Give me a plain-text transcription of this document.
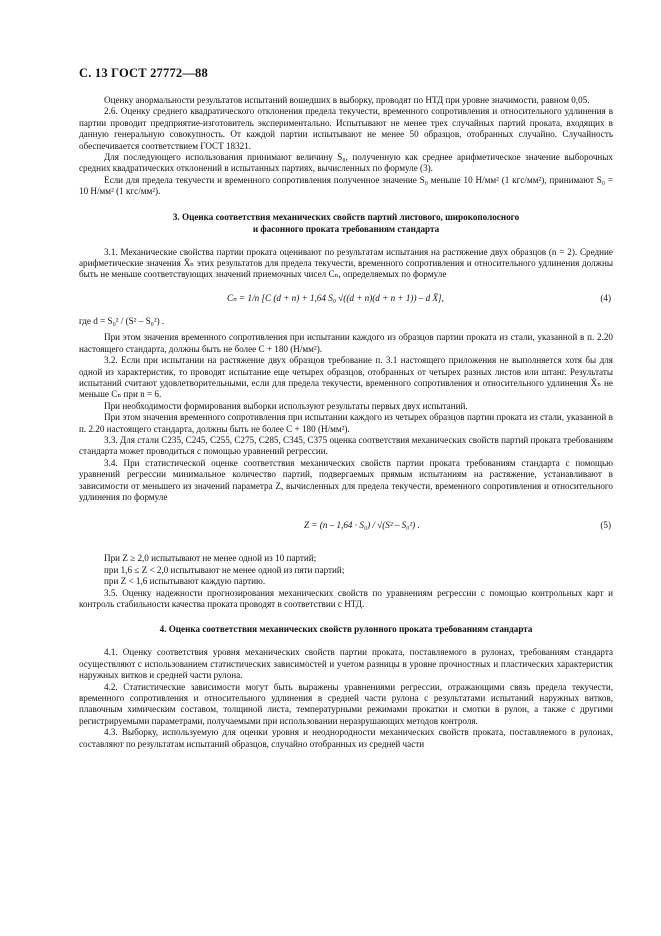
С. 13 ГОСТ 27772—88

Оценку анормальности результатов испытаний вошедших в выборку, проводят по НТД при уровне значимости, равном 0,05.

2.6. Оценку среднего квадратического отклонения предела текучести, временного сопротивления и относительного удлинения в партии проводит предприятие-изготовитель экспериментально. Испытывают не менее трех случайных партий проката, входящих в данную генеральную совокупность. От каждой партии испытывают не менее 50 образцов, отобранных случайно. Случайность обеспечивается соответствием ГОСТ 18321.

Для последующего использования принимают величину S₀, полученную как среднее арифметическое значение выборочных средних квадратических отклонений в испытанных партиях, вычисленных по формуле (3).

Если для предела текучести и временного сопротивления полученное значение S₀ меньше 10 Н/мм² (1 кгс/мм²), принимают S₀ = 10 Н/мм² (1 кгс/мм²).

3. Оценка соответствия механических свойств партий листового, широкополосного
и фасонного проката требованиям стандарта

3.1. Механические свойства партии проката оценивают по результатам испытания на растяжение двух образцов (n = 2). Средние арифметические значения X̄ₙ этих результатов для предела текучести, временного сопротивления и относительного удлинения должны быть не меньше соответствующих значений приемочных чисел Cₙ, определяемых по формуле

Cₙ = 1/n [C (d + n) + 1,64 S₀ √((d + n)(d + n + 1)) – d X̄],	(4)

где d = S₀² / (S² – S₀²) .

При этом значения временного сопротивления при испытании каждого из образцов партии проката из стали, указанной в п. 2.20 настоящего стандарта, должны быть не более C + 180 (Н/мм²).

3.2. Если при испытании на растяжение двух образцов требование п. 3.1 настоящего приложения не выполняется хотя бы для одной из характеристик, то проводят испытание еще четырех образцов, отобранных от четырех разных листов или штанг. Результаты испытаний считают удовлетворительными, если для предела текучести, временного сопротивления и относительного удлинения X̄ₙ не меньше Cₙ при n = 6.

При необходимости формирования выборки используют результаты первых двух испытаний.

При этом значения временного сопротивления при испытании каждого из четырех образцов партии проката из стали, указанной в п. 2.20 настоящего стандарта, должны быть не более C + 180 (Н/мм²).

3.3. Для стали С235, С245, С255, С275, С285, С345, С375 оценка соответствия механических свойств партий проката требованиям стандарта может проводиться с помощью уравнений регрессии.

3.4. При статистической оценке соответствия механических свойств партии проката требованиям стандарта с помощью уравнений регрессии минимальное количество партий, подвергаемых прямым испытаниям на растяжение, устанавливают в зависимости от меньшего из значений параметра Z, вычисленных для предела текучести, временного сопротивления и относительного удлинения по формуле

Z = (n – 1,64 · S₀) / √(S² – S₀²) .	(5)

При Z ≥ 2,0 испытывают не менее одной из 10 партий;

при 1,6 ≤ Z < 2,0 испытывают не менее одной из пяти партий;

при Z < 1,6 испытывают каждую партию.

3.5. Оценку надежности прогнозирования механических свойств по уравнениям регрессии с помощью контрольных карт и контроль стабильности качества проката проводят в соответствии с НТД.

4. Оценка соответствия механических свойств рулонного проката требованиям стандарта

4.1. Оценку соответствия уровня механических свойств партии проката, поставляемого в рулонах, требованиям стандарта осуществляют с использованием статистических зависимостей и учетом разницы в уровне прочностных и пластических характеристик наружных витков и средней части рулона.

4.2. Статистические зависимости могут быть выражены уравнениями регрессии, отражающими связь предела текучести, временного сопротивления и относительного удлинения в средней части рулона с результатами испытаний наружных витков, плавочным химическим составом, толщиной листа, температурными режимами прокатки и смотки в рулон, а также с другими регистрируемыми параметрами, получаемыми при использовании неразрушающих методов контроля.

4.3. Выборку, используемую для оценки уровня и неоднородности механических свойств проката, поставляемого в рулонах, составляют по результатам испытаний образцов, случайно отобранных из средней части
